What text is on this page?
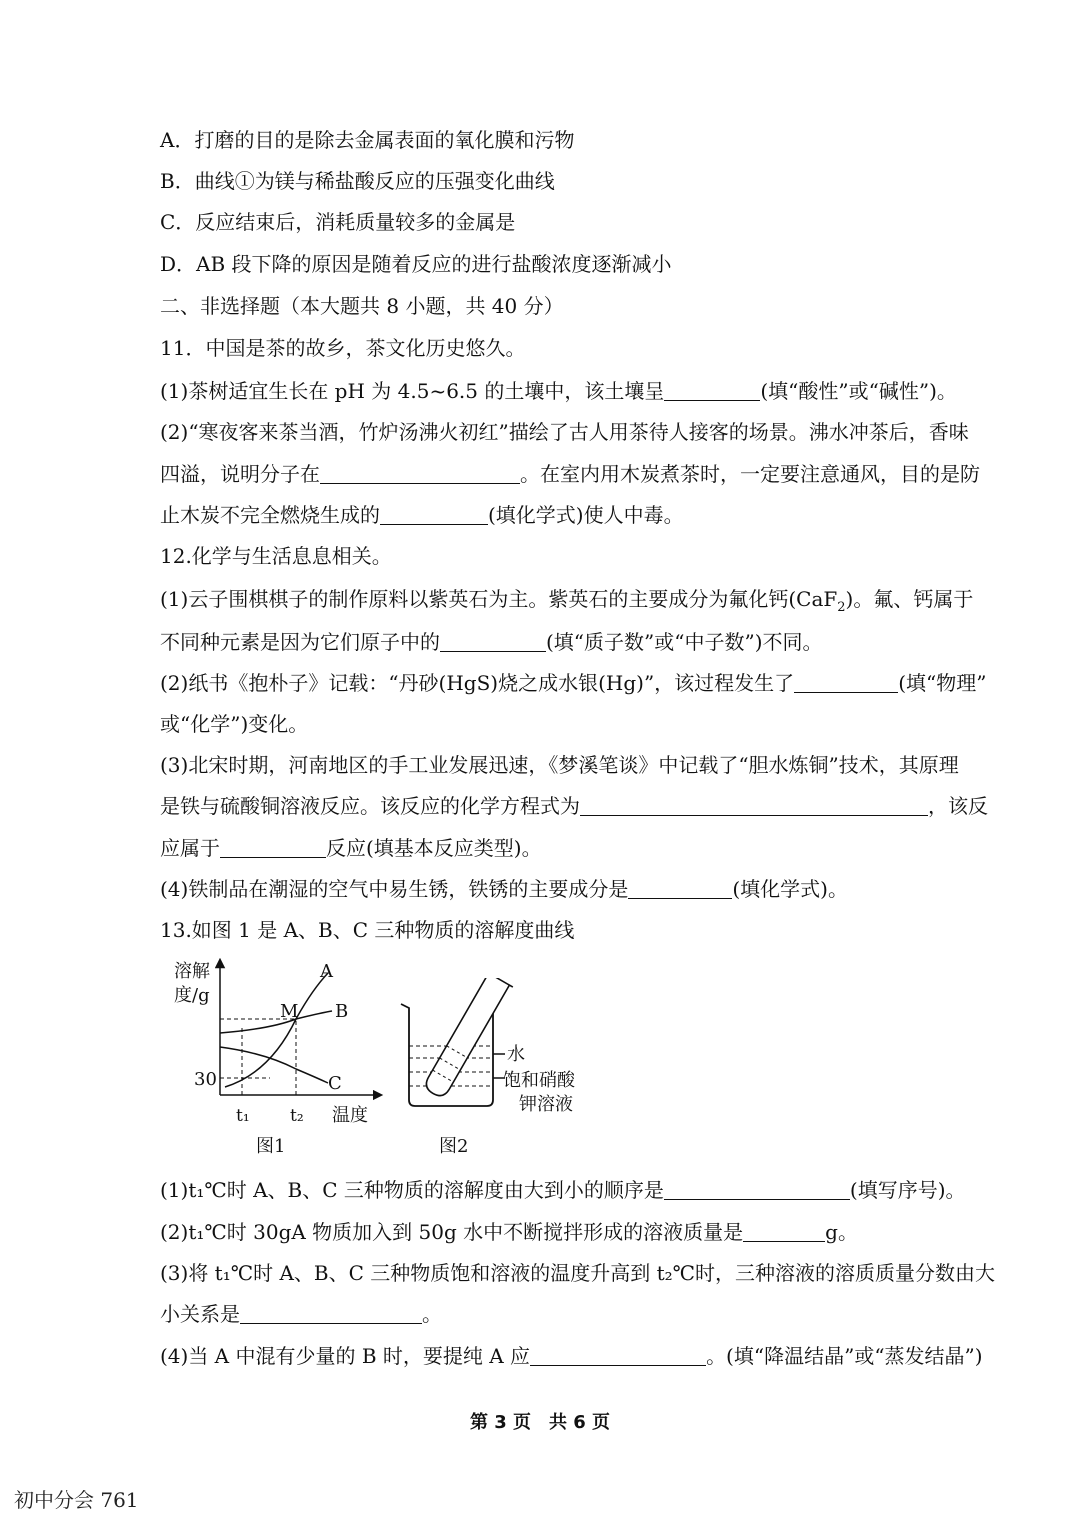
A．打磨的目的是除去金属表面的氧化膜和污物
B．曲线①为镁与稀盐酸反应的压强变化曲线
C．反应结束后，消耗质量较多的金属是
D．AB 段下降的原因是随着反应的进行盐酸浓度逐渐减小
二、非选择题（本大题共 8 小题，共 40 分）
11．中国是茶的故乡，茶文化历史悠久。
(1)茶树适宜生长在 pH 为 4.5~6.5 的土壤中，该土壤呈	(填“酸性”或“碱性”)。
(2)“寒夜客来茶当酒，竹炉汤沸火初红”描绘了古人用茶待人接客的场景。沸水冲茶后，香味
四溢，说明分子在	。在室内用木炭煮茶时，一定要注意通风，目的是防
止木炭不完全燃烧生成的	(填化学式)使人中毒。
12.化学与生活息息相关。
(1)云子围棋棋子的制作原料以紫英石为主。紫英石的主要成分为氟化钙(CaF$_2$)。氟、钙属于
不同种元素是因为它们原子中的	(填“质子数”或“中子数”)不同。
(2)纸书《抱朴子》记载：“丹砂(HgS)烧之成水银(Hg)”，该过程发生了	(填“物理”
或“化学”)变化。
(3)北宋时期，河南地区的手工业发展迅速，《梦溪笔谈》中记载了“胆水炼铜”技术，其原理
是铁与硫酸铜溶液反应。该反应的化学方程式为	，该反
应属于	反应(填基本反应类型)。
(4)铁制品在潮湿的空气中易生锈，铁锈的主要成分是	(填化学式)。
13.如图 1 是 A、B、C 三种物质的溶解度曲线
溶解
度/g
30
t₁ t₂ 温度
A
B
C
M
图1
水
饱和硝酸
钾溶液
图2
(1)t₁℃时 A、B、C 三种物质的溶解度由大到小的顺序是	(填写序号)。
(2)t₁℃时 30gA 物质加入到 50g 水中不断搅拌形成的溶液质量是	g。
(3)将 t₁℃时 A、B、C 三种物质饱和溶液的温度升高到 t₂℃时，三种溶液的溶质质量分数由大
小关系是	。
(4)当 A 中混有少量的 B 时，要提纯 A 应	。(填“降温结晶”或“蒸发结晶”)
第 3 页　共 6 页
初中分会 761
